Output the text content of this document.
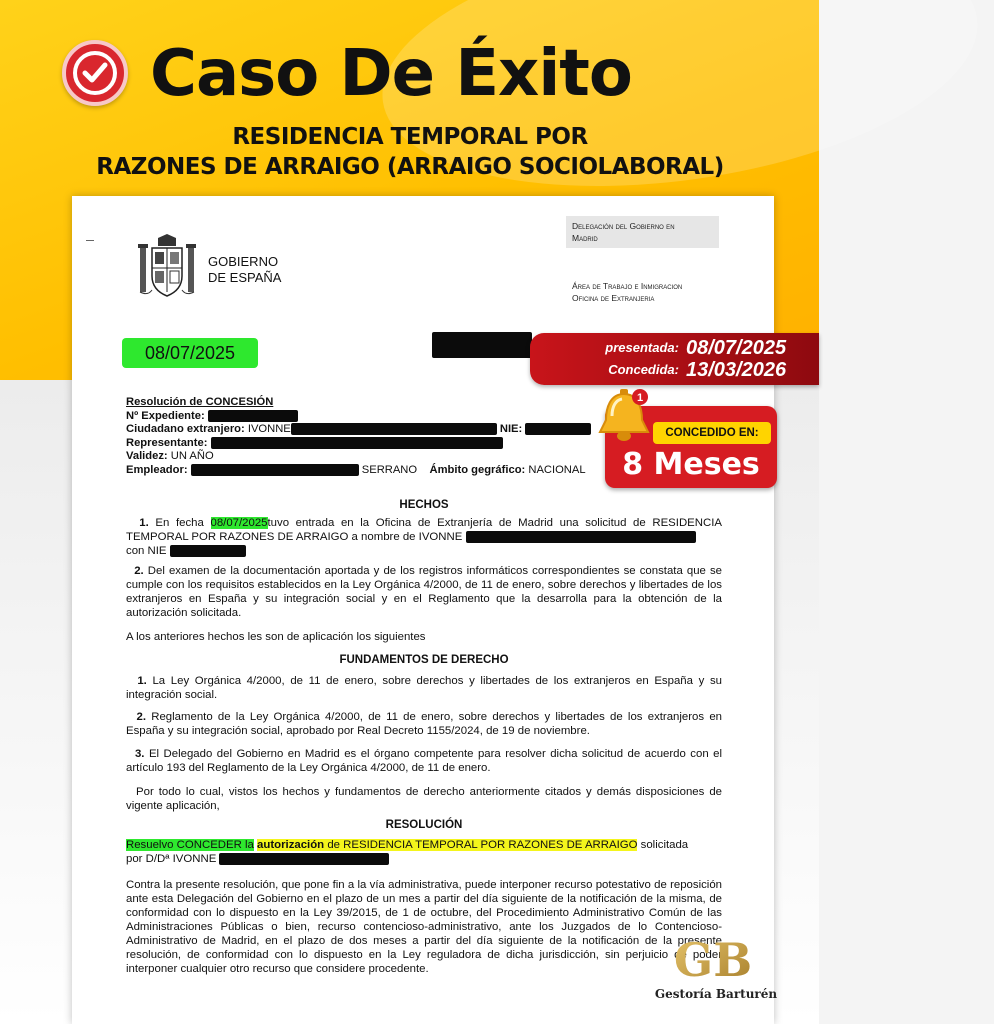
Caso De Éxito
RESIDENCIA TEMPORAL POR
RAZONES DE ARRAIGO (ARRAIGO SOCIOLABORAL)
GOBIERNO
DE ESPAÑA
Delegación del Gobierno en
Madrid
Área de Trabajo e Inmigracion
Oficina de Extranjeria
08/07/2025
Resolución de CONCESIÓN
Nº Expediente:
Ciudadano extranjero: IVONNE	NIE:
Representante:
Validez: UN AÑO
Empleador:	SERRANO Ámbito gegráfico: NACIONAL
HECHOS

1. En fecha 08/07/2025tuvo entrada en la Oficina de Extranjería de Madrid una solicitud de RESIDENCIA TEMPORAL POR RAZONES DE ARRAIGO a nombre de IVONNE
con NIE

2. Del examen de la documentación aportada y de los registros informáticos correspondientes se constata que se cumple con los requisitos establecidos en la Ley Orgánica 4/2000, de 11 de enero, sobre derechos y libertades de los extranjeros en España y su integración social y en el Reglamento que la desarrolla para la obtención de la autorización solicitada.

A los anteriores hechos les son de aplicación los siguientes
FUNDAMENTOS DE DERECHO

1. La Ley Orgánica 4/2000, de 11 de enero, sobre derechos y libertades de los extranjeros en España y su integración social.

2. Reglamento de la Ley Orgánica 4/2000, de 11 de enero, sobre derechos y libertades de los extranjeros en España y su integración social, aprobado por Real Decreto 1155/2024, de 19 de noviembre.

3. El Delegado del Gobierno en Madrid es el órgano competente para resolver dicha solicitud de acuerdo con el artículo 193 del Reglamento de la Ley Orgánica 4/2000, de 11 de enero.

Por todo lo cual, vistos los hechos y fundamentos de derecho anteriormente citados y demás disposiciones de vigente aplicación,

RESOLUCIÓN

Resuelvo CONCEDER la autorización de RESIDENCIA TEMPORAL POR RAZONES DE ARRAIGO solicitada
por D/Dª IVONNE

Contra la presente resolución, que pone fin a la vía administrativa, puede interponer recurso potestativo de reposición ante esta Delegación del Gobierno en el plazo de un mes a partir del día siguiente de la notificación de la misma, de conformidad con lo dispuesto en la Ley 39/2015, de 1 de octubre, del Procedimiento Administrativo Común de las Administraciones Públicas o bien, recurso contencioso-administrativo, ante los Juzgados de lo Contencioso-Administrativo de Madrid, en el plazo de dos meses a partir del día siguiente de la notificación de la presente resolución, de conformidad con lo dispuesto en la Ley reguladora de dicha jurisdicción, sin perjuicio de poder interponer cualquier otro recurso que considere procedente.

presentada: 08/07/2025
Concedida: 13/03/2026
CONCEDIDO EN:
8 Meses
1
GB
Gestoría Barturén
